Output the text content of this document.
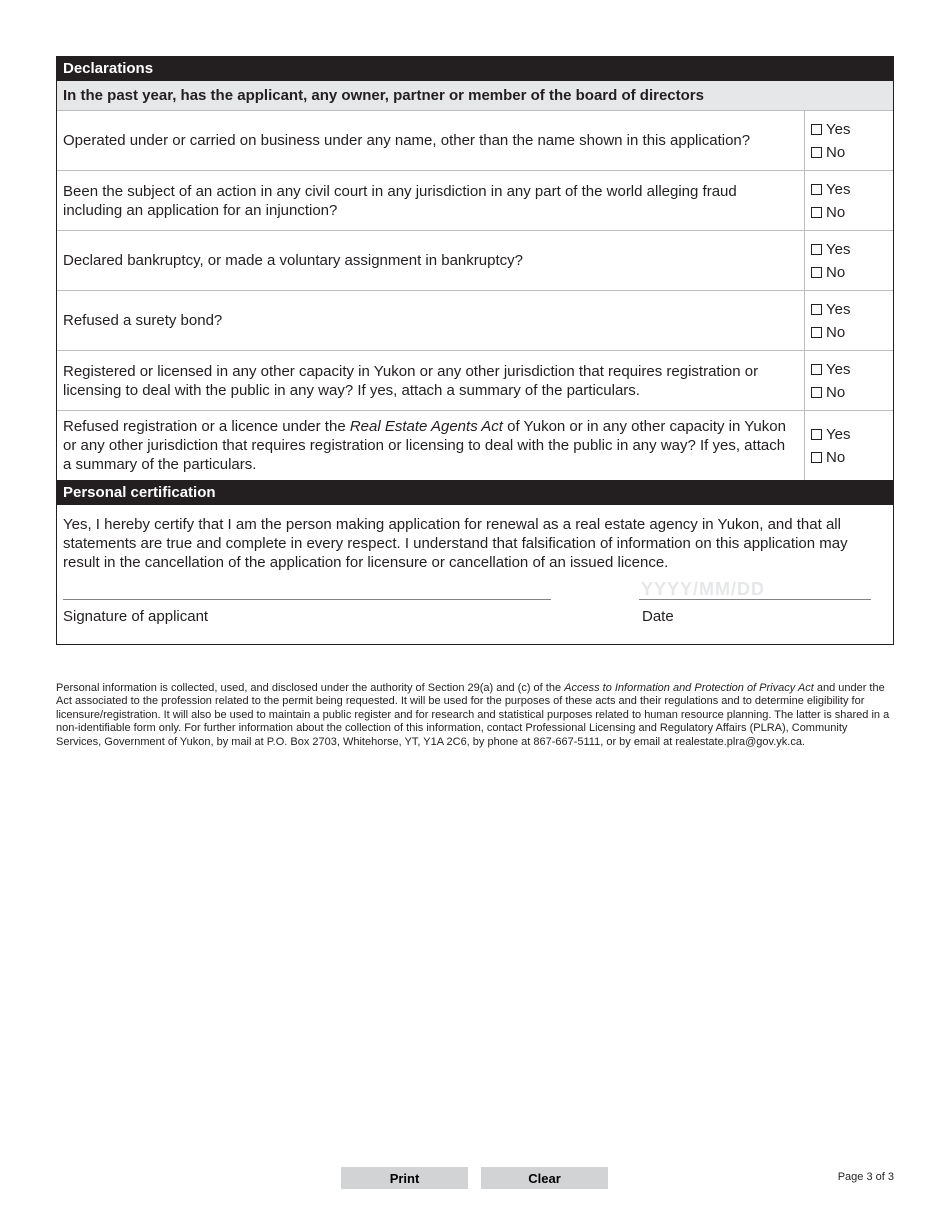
Declarations
In the past year, has the applicant, any owner, partner or member of the board of directors
Operated under or carried on business under any name, other than the name shown in this application?
Yes
No
Been the subject of an action in any civil court in any jurisdiction in any part of the world alleging fraud including an application for an injunction?
Yes
No
Declared bankruptcy, or made a voluntary assignment in bankruptcy?
Yes
No
Refused a surety bond?
Yes
No
Registered or licensed in any other capacity in Yukon or any other jurisdiction that requires registration or licensing to deal with the public in any way? If yes, attach a summary of the particulars.
Yes
No
Refused registration or a licence under the Real Estate Agents Act of Yukon or in any other capacity in Yukon or any other jurisdiction that requires registration or licensing to deal with the public in any way? If yes, attach a summary of the particulars.
Yes
No
Personal certification
Yes, I hereby certify that I am the person making application for renewal as a real estate agency in Yukon, and that all statements are true and complete in every respect. I understand that falsification of information on this application may result in the cancellation of the application for licensure or cancellation of an issued licence.
Signature of applicant
YYYY/MM/DD	Date
Personal information is collected, used, and disclosed under the authority of Section 29(a) and (c) of the Access to Information and Protection of Privacy Act and under the Act associated to the profession related to the permit being requested. It will be used for the purposes of these acts and their regulations and to determine eligibility for licensure/registration. It will also be used to maintain a public register and for research and statistical purposes related to human resource planning. The latter is shared in a non-identifiable form only. For further information about the collection of this information, contact Professional Licensing and Regulatory Affairs (PLRA), Community Services, Government of Yukon, by mail at P.O. Box 2703, Whitehorse, YT, Y1A 2C6, by phone at 867-667-5111, or by email at realestate.plra@gov.yk.ca.
Print	Clear	Page 3 of 3
